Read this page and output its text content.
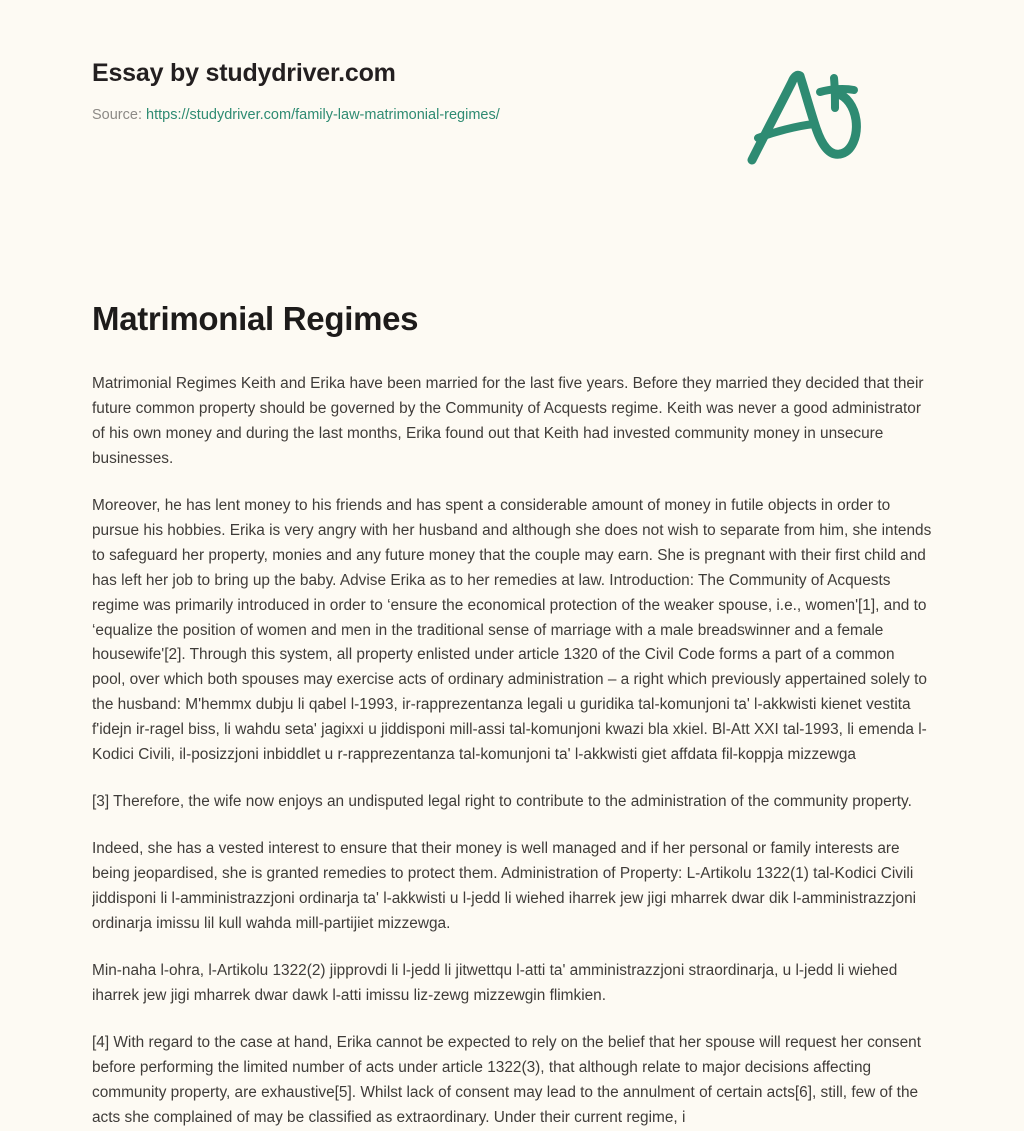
Essay by studydriver.com
Source: https://studydriver.com/family-law-matrimonial-regimes/
Matrimonial Regimes

Matrimonial Regimes Keith and Erika have been married for the last five years. Before they married they decided that their future common property should be governed by the Community of Acquests regime. Keith was never a good administrator of his own money and during the last months, Erika found out that Keith had invested community money in unsecure businesses.

Moreover, he has lent money to his friends and has spent a considerable amount of money in futile objects in order to pursue his hobbies. Erika is very angry with her husband and although she does not wish to separate from him, she intends to safeguard her property, monies and any future money that the couple may earn. She is pregnant with their first child and has left her job to bring up the baby. Advise Erika as to her remedies at law. Introduction: The Community of Acquests regime was primarily introduced in order to ‘ensure the economical protection of the weaker spouse, i.e., women'[1], and to ‘equalize the position of women and men in the traditional sense of marriage with a male breadswinner and a female housewife'[2]. Through this system, all property enlisted under article 1320 of the Civil Code forms a part of a common pool, over which both spouses may exercise acts of ordinary administration – a right which previously appertained solely to the husband: M'hemmx dubju li qabel l-1993, ir-rapprezentanza legali u guridika tal-komunjoni ta' l-akkwisti kienet vestita f'idejn ir-ragel biss, li wahdu seta' jagixxi u jiddisponi mill-assi tal-komunjoni kwazi bla xkiel. Bl-Att XXI tal-1993, li emenda l-Kodici Civili, il-posizzjoni inbiddlet u r-rapprezentanza tal-komunjoni ta' l-akkwisti giet affdata fil-koppja mizzewga

[3] Therefore, the wife now enjoys an undisputed legal right to contribute to the administration of the community property.

Indeed, she has a vested interest to ensure that their money is well managed and if her personal or family interests are being jeopardised, she is granted remedies to protect them. Administration of Property: L-Artikolu 1322(1) tal-Kodici Civili jiddisponi li l-amministrazzjoni ordinarja ta' l-akkwisti u l-jedd li wiehed iharrek jew jigi mharrek dwar dik l-amministrazzjoni ordinarja imissu lil kull wahda mill-partijiet mizzewga.

Min-naha l-ohra, l-Artikolu 1322(2) jipprovdi li l-jedd li jitwettqu l-atti ta' amministrazzjoni straordinarja, u l-jedd li wiehed iharrek jew jigi mharrek dwar dawk l-atti imissu liz-zewg mizzewgin flimkien.

[4] With regard to the case at hand, Erika cannot be expected to rely on the belief that her spouse will request her consent before performing the limited number of acts under article 1322(3), that although relate to major decisions affecting community property, are exhaustive[5]. Whilst lack of consent may lead to the annulment of certain acts[6], still, few of the acts she complained of may be classified as extraordinary. Under their current regime, i
